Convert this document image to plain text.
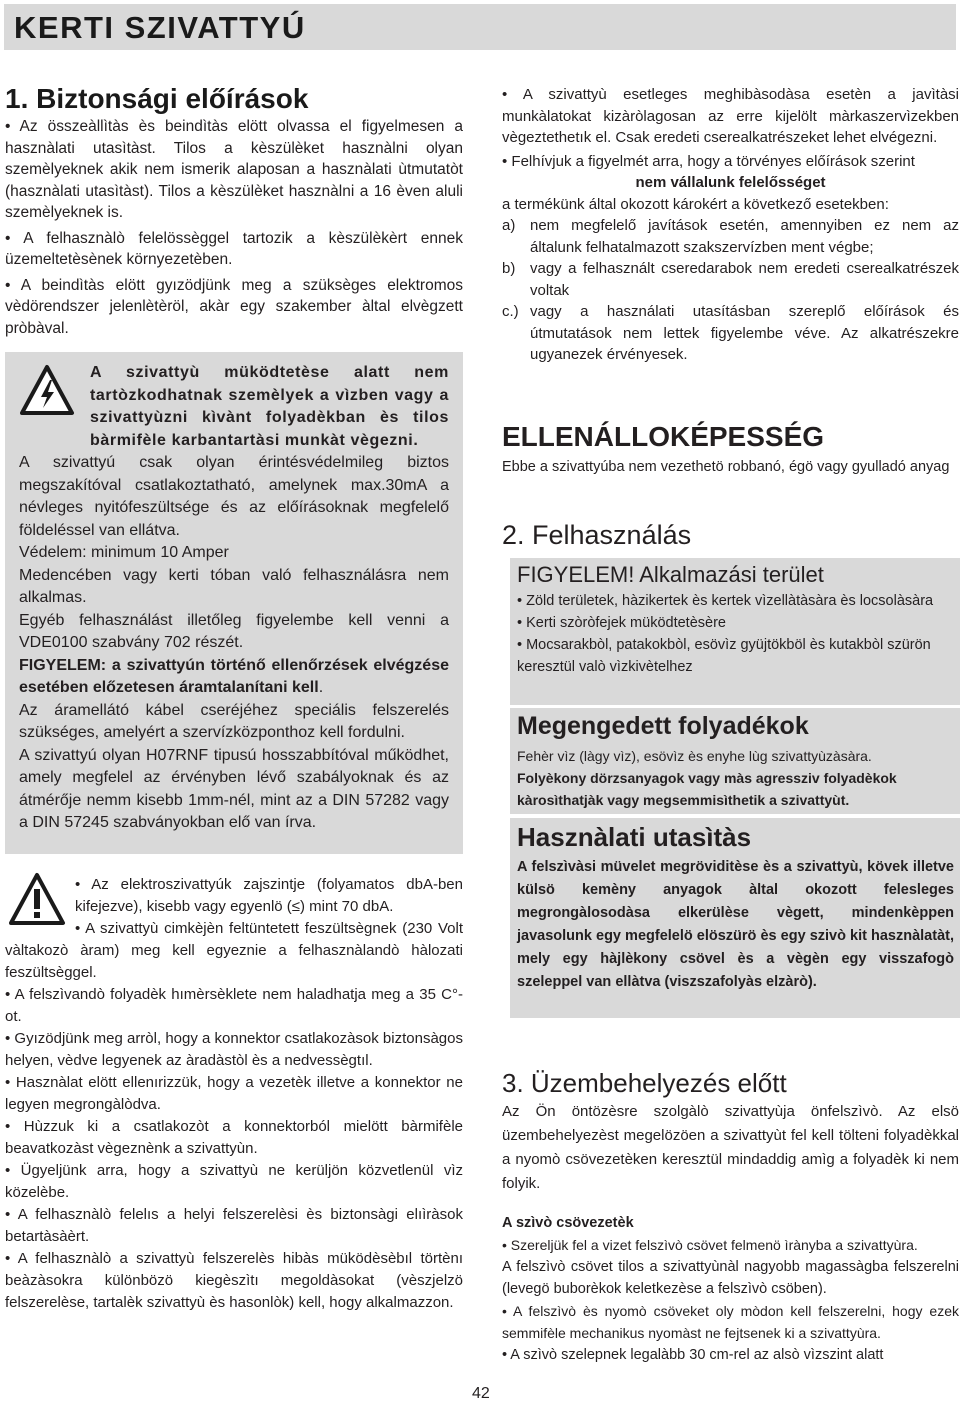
KERTI SZIVATTYÚ
1. Biztonsági előírások

• Az összeàllìtàs ès beindìtàs elött olvassa el figyelmesen a hasznàlati utasìtàst. Tilos a kèszülèket hasznàlni olyan szemèlyeknek akik nem ismerik alaposan a hasznàlati ùtmutatòt (hasznàlati utasìtàst). Tilos a kèszülèket hasznàlni a 16 èven aluli szemèlyeknek is.

• A felhasznàlò felelössèggel tartozik a kèszülèkèrt ennek üzemeltetèsènek környezetèben.

• A beindìtàs elött gyızödjünk meg a szüksèges elektromos vèdörendszer jelenlètèröl, akàr egy szakember àltal elvègzett pròbàval.

A szivattyù müködtetèse alatt nem tartòzkodhatnak szemèlyek a vìzben vagy a szivattyùzni kìvànt folyadèkban ès tilos bàrmifèle karbantartàsi munkàt vègezni.

A szivattyú csak olyan érintésvédelmileg biztos megszakítóval csatlakoztatható, amelynek max.30mA a névleges nyitófeszültsége és az előírásoknak megfelelő földeléssel van ellátva.

Védelem: minimum 10 Amper

Medencében vagy kerti tóban való felhasználásra nem alkalmas.

Egyéb felhasználást illetőleg figyelembe kell venni a VDE0100 szabvány 702 részét.

FIGYELEM: a szivattyún történő ellenőrzések elvégzése esetében előzetesen áramtalanítani kell.

Az áramellátó kábel cseréjéhez speciális felszerelés szükséges, amelyért a szervízközponthoz kell fordulni.

A szivattyú olyan H07RNF tipusú hosszabbítóval működhet, amely megfelel az érvényben lévő szabályoknak és az átmérője nemm kisebb 1mm-nél, mint az a DIN 57282 vagy a DIN 57245 szabványokban elő van írva.

• Az elektroszivattyúk zajszintje (folyamatos dbA-ben kifejezve), kisebb vagy egyenlö (≤) mint 70 dbA.

• A szivattyù cimkèjèn feltüntetett feszültsègnek (230 Volt vàltakozò àram) meg kell egyeznie a felhasznàlandò hàlozati feszültsèggel.

• A felszìvandò folyadèk hımèrsèklete nem haladhatja meg a 35 C°-ot.

• Gyızödjünk meg arròl, hogy a konnektor csatlakozàsok biztonsàgos helyen, vèdve legyenek az àradàstòl ès a nedvessègtıl.

• Hasznàlat elött ellenırizzük, hogy a vezetèk illetve a konnektor ne legyen megrongàlòdva.

• Hùzzuk ki a csatlakozòt a konnektorból mielött bàrmifèle beavatkozàst vègeznènk a szivattyùn.

• Ügyeljünk arra, hogy a szivattyù ne kerüljön közvetlenül vìz közelèbe.

• A felhasznàlò felelıs a helyi felszerelèsi ès biztonsàgi elıìràsok betartàsàèrt.

• A felhasznàlò a szivattyù felszerelès hibàs müködèsèbıl törtènı beàzàsokra különbözö kiegèszìtı megoldàsokat (vèszjelzö felszerelèse, tartalèk szivattyù ès hasonlòk) kell, hogy alkalmazzon.

• A szivattyù esetleges meghibàsodàsa esetèn a javìtàsi munkàlatokat kizàròlagosan az erre kijelölt màrkaszervìzekben vègeztethetık el. Csak eredeti cserealkatrészeket lehet elvégezni.

• Felhívjuk a figyelmét arra, hogy a törvényes előírások szerint

nem vállalunk felelősséget

a termékünk által okozott károkért a következő esetekben:

a) nem megfelelő javítások esetén, amennyiben ez nem az általunk felhatalmazott szakszervízben ment végbe;

b) vagy a felhasznált cseredarabok nem eredeti cserealkatrészek voltak

c.) vagy a használati utasításban szereplő előírások és útmutatások nem lettek figyelembe véve. Az alkatrészekre ugyanezek érvényesek.

ELLENÁLLOKÉPESSÉG

Ebbe a szivattyúba nem vezethetö robbanó, égö vagy gyulladó anyag

2. Felhasználás
FIGYELEM! Alkalmazási terület

• Zöld területek, hàzikertek ès kertek vìzellàtàsàra ès locsolàsàra

• Kerti szòròfejek müködtetèsère

• Mocsarakbòl, patakokbòl, esövìz gyüjtökböl ès kutakbòl szürön keresztül valò vìzkivètelhez

Megengedett folyadékok

Fehèr vìz (làgy vìz), esövìz ès enyhe lùg szivattyùzàsàra.

Folyèkony dörzsanyagok vagy màs agressziv folyadèkok kàrosìthatjàk vagy megsemmisìthetik a szivattyùt.

Hasznàlati utasìtàs

A felszìvàsi müvelet megröviditèse ès a szivattyù, kövek illetve külsö kemèny anyagok àltal okozott felesleges megrongàlosodàsa elkerülèse vègett, mindenkèppen javasolunk egy megfelelö elöszürö ès egy szivò kit hasznàlatàt, mely egy hàjlèkony csövel ès a vègèn egy visszafogò szeleppel van ellàtva (viszszafolyàs elzàrò).

3. Üzembehelyezés előtt

Az Ön öntözèsre szolgàlò szivattyùja önfelszìvò. Az elsö üzembehelyezèst megelözöen a szivattyùt fel kell tölteni folyadèkkal a nyomò csövezetèken keresztül mindaddig amìg a folyadèk ki nem folyik.

A szìvò csövezetèk

• Szereljük fel a vizet felszìvò csövet felmenö ìrànyba a szivattyùra.

A felszìvò csövet tilos a szivattyùnàl nagyobb magassàgba felszerelni (levegö buborèkok keletkezèse a felszìvò csöben).

• A felszìvò ès nyomò csöveket oly mòdon kell felszerelni, hogy ezek semmifèle mechanikus nyomàst ne fejtsenek ki a szivattyùra.

• A szìvò szelepnek legalàbb 30 cm-rel az alsò vìzszint alatt

42
